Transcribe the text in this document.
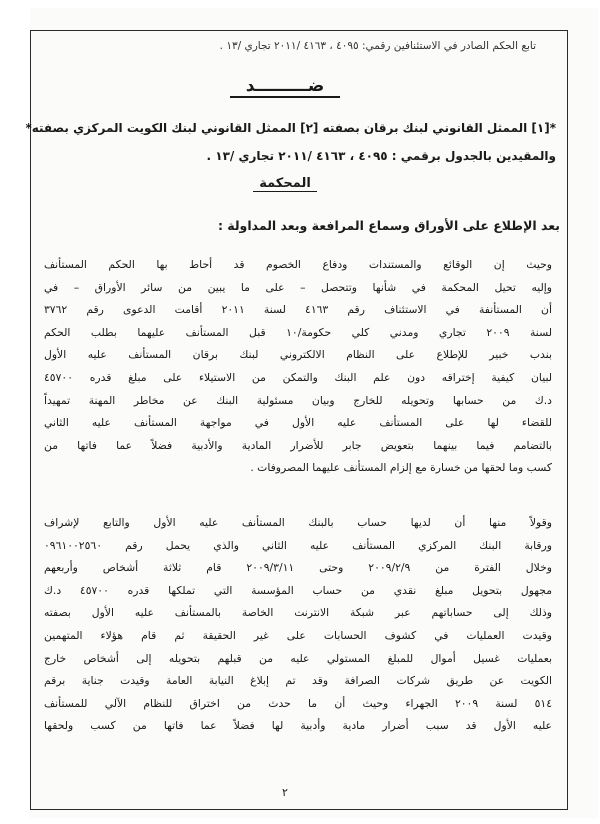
تابع الحكم الصادر في الاستئنافين رقمي: ٤٠٩٥ ، ٤١٦٣ /٢٠١١ تجاري /١٣ .
ضـــــــــد
*[١] الممثل القانوني لبنك برقان بصفته [٢] الممثل القانوني لبنك الكويت المركزي بصفته*
والمقيدين بالجدول برقمي : ٤٠٩٥ ، ٤١٦٣ /٢٠١١ تجاري /١٣ .
المحكمة
بعد الإطلاع على الأوراق وسماع المرافعة وبعد المداولة :
وحيث إن الوقائع والمستندات ودفاع الخصوم قد أحاط بها الحكم المستأنف
وإليه تحيل المحكمة في شأنها وتتحصل – على ما يبين من سائر الأوراق – في
أن المستأنفة في الاستئناف رقم ٤١٦٣ لسنة ٢٠١١ أقامت الدعوى رقم ٣٧٦٢
لسنة ٢٠٠٩ تجاري ومدني كلي حكومة/١٠ قبل المستأنف عليهما بطلب الحكم
بندب خبير للإطلاع على النظام الالكتروني لبنك برقان المستأنف عليه الأول
لبيان كيفية إختراقه دون علم البنك والتمكن من الاستيلاء على مبلغ قدره ٤٥٧٠٠
د.ك من حسابها وتحويله للخارج وبيان مسئولية البنك عن مخاطر المهنة تمهيداً
للقضاء لها على المستأنف عليه الأول في مواجهة المستأنف عليه الثاني
بالتضامم فيما بينهما بتعويض جابر للأضرار المادية والأدبية فضلاً عما فاتها من
كسب وما لحقها من خسارة مع إلزام المستأنف عليهما المصروفات .
وقولاً منها أن لديها حساب بالبنك المستأنف عليه الأول والتابع لإشراف
ورقابة البنك المركزي المستأنف عليه الثاني والذي يحمل رقم ٠٩٦١٠٠٢٥٦٠
وخلال الفترة من ٢٠٠٩/٢/٩ وحتى ٢٠٠٩/٣/١١ قام ثلاثة أشخاص وأربعهم
مجهول بتحويل مبلغ نقدي من حساب المؤسسة التي تملكها قدره ٤٥٧٠٠ د.ك
وذلك إلى حساباتهم عبر شبكة الانترنت الخاصة بالمستأنف عليه الأول بصفته
وقيدت العمليات في كشوف الحسابات على غير الحقيقة ثم قام هؤلاء المتهمين
بعمليات غسيل أموال للمبلغ المستولي عليه من قبلهم بتحويله إلى أشخاص خارج
الكويت عن طريق شركات الصرافة وقد تم إبلاغ النيابة العامة وقيدت جناية برقم
٥١٤ لسنة ٢٠٠٩ الجهراء وحيث أن ما حدث من اختراق للنظام الآلي للمستأنف
عليه الأول قد سبب أضرار مادية وأدبية لها فضلاً عما فاتها من كسب ولحقها
٢
